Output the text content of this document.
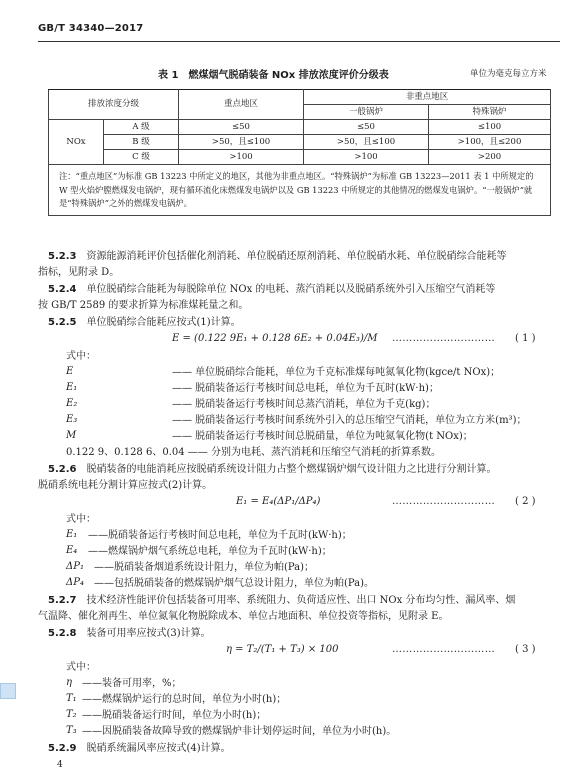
GB/T 34340—2017
表 1　燃煤烟气脱硝装备 NOx 排放浓度评价分级表	单位为毫克每立方米
排放浓度分级		重点地区	非重点地区	
			一般锅炉	特殊锅炉
NOx	A 级	≤50	≤50	≤100
	B 级	>50，且≤100	>50，且≤100	>100，且≤200
	C 级	>100	>100	>200
注：“重点地区”为标准 GB 13223 中所定义的地区，其他为非重点地区。“特殊锅炉”为标准 GB 13223—2011 表 1 中所规定的 W 型火焰炉膛燃煤发电锅炉，现有循环流化床燃煤发电锅炉以及 GB 13223 中所规定的其他情况的燃煤发电锅炉。“一般锅炉”就是“特殊锅炉”之外的燃煤发电锅炉。				
5.2.3　 资源能源消耗评价包括催化剂消耗、单位脱硝还原剂消耗、单位脱硝水耗、单位脱硝综合能耗等
指标，见附录 D。
5.2.4　 单位脱硝综合能耗为每脱除单位 NOx 的电耗、蒸汽消耗以及脱硝系统外引入压缩空气消耗等
按 GB/T 2589 的要求折算为标准煤耗量之和。
5.2.5　 单位脱硝综合能耗应按式(1)计算。
E = (0.122 9E₁ + 0.128 6E₂ + 0.04E₃)/M ………………………… ( 1 )
式中：
E	—— 单位脱硝综合能耗，单位为千克标准煤每吨氮氧化物(kgce/t NOx)；
E₁	—— 脱硝装备运行考核时间总电耗，单位为千瓦时(kW·h)；
E₂	—— 脱硝装备运行考核时间总蒸汽消耗，单位为千克(kg)；
E₃	—— 脱硝装备运行考核时间系统外引入的总压缩空气消耗，单位为立方米(m³)；
M	—— 脱硝装备运行考核时间总脱硝量，单位为吨氮氧化物(t NOx)；
0.122 9、0.128 6、0.04 —— 分别为电耗、蒸汽消耗和压缩空气消耗的折算系数。
5.2.6　 脱硝装备的电能消耗应按脱硝系统设计阻力占整个燃煤锅炉烟气设计阻力之比进行分割计算。
脱硝系统电耗分割计算应按式(2)计算。
E₁ = E₄(ΔP₁/ΔP₄)	………………………… ( 2 )
式中：
E₁ ——脱硝装备运行考核时间总电耗，单位为千瓦时(kW·h)；
E₄ ——燃煤锅炉烟气系统总电耗，单位为千瓦时(kW·h)；
ΔP₁ ——脱硝装备烟道系统设计阻力，单位为帕(Pa)；
ΔP₄ ——包括脱硝装备的燃煤锅炉烟气总设计阻力，单位为帕(Pa)。
5.2.7　 技术经济性能评价包括装备可用率、系统阻力、负荷适应性、出口 NOx 分布均匀性、漏风率、烟
气温降、催化剂再生、单位氮氧化物脱除成本、单位占地面积、单位投资等指标，见附录 E。
5.2.8　 装备可用率应按式(3)计算。
η = T₂/(T₁ + T₃) × 100	………………………… ( 3 )
式中：
η ——装备可用率，%；
T₁ ——燃煤锅炉运行的总时间，单位为小时(h)；
T₂ ——脱硝装备运行时间，单位为小时(h)；
T₃ ——因脱硝装备故障导致的燃煤锅炉非计划停运时间，单位为小时(h)。
5.2.9　 脱硝系统漏风率应按式(4)计算。
4
